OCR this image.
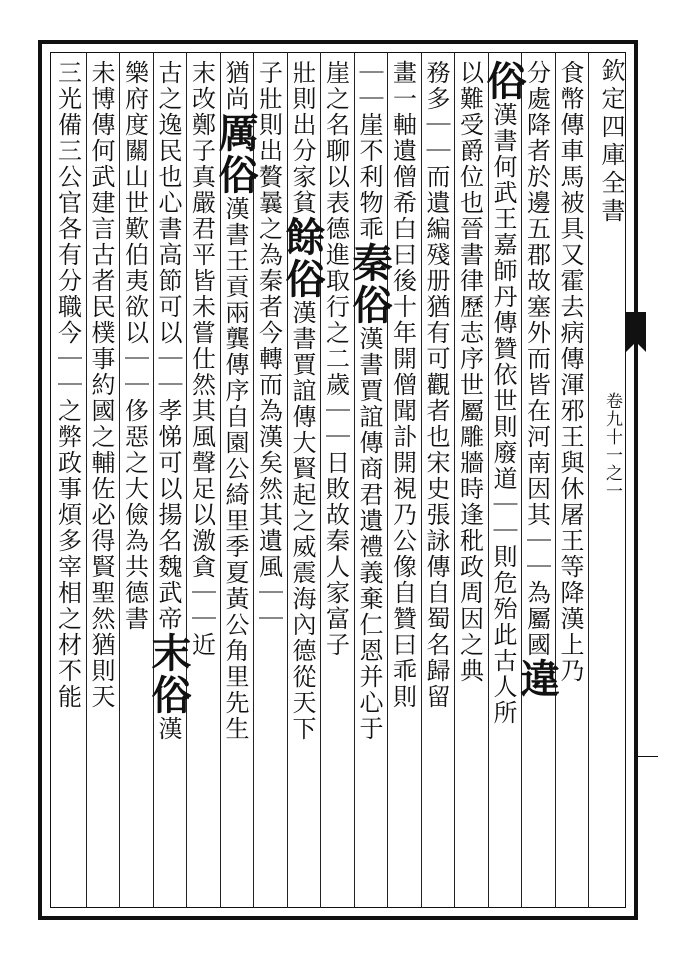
欽定四庫全書
卷九十一之一
食幣傳車馬被具又霍去病傳渾邪王與休屠王等降漢上乃
分處降者於邊五郡故塞外而皆在河南因其｜｜為屬國違
俗漢書何武王嘉師丹傳贊依世則廢道｜｜則危殆此古人所
以難受爵位也晉書律歷志序世屬雕牆時逢秕政周因之典
務多｜｜而遺編殘册猶有可觀者也宋史張詠傳自蜀名歸留
畫一軸遺僧希白曰後十年開僧聞訃開視乃公像自贊曰乖則
｜｜崖不利物乖秦俗漢書賈誼傳商君遺禮義棄仁恩并心于
崖之名聊以表德進取行之二歲｜｜日敗故秦人家富子
壯則出分家貧餘俗漢書賈誼傳大賢起之威震海內德從天下
子壯則出贅曩之為秦者今轉而為漢矣然其遺風｜｜
猶尚厲俗漢書王貢兩龔傳序自園公綺里季夏黃公角里先生
末改鄭子真嚴君平皆未嘗仕然其風聲足以激貪｜｜近
古之逸民也心書高節可以｜｜孝悌可以揚名魏武帝末俗漢
樂府度關山世歎伯夷欲以｜｜侈惡之大儉為共德書
未博傳何武建言古者民樸事約國之輔佐必得賢聖然猶則天
三光備三公官各有分職今｜｜之弊政事煩多宰相之材不能
